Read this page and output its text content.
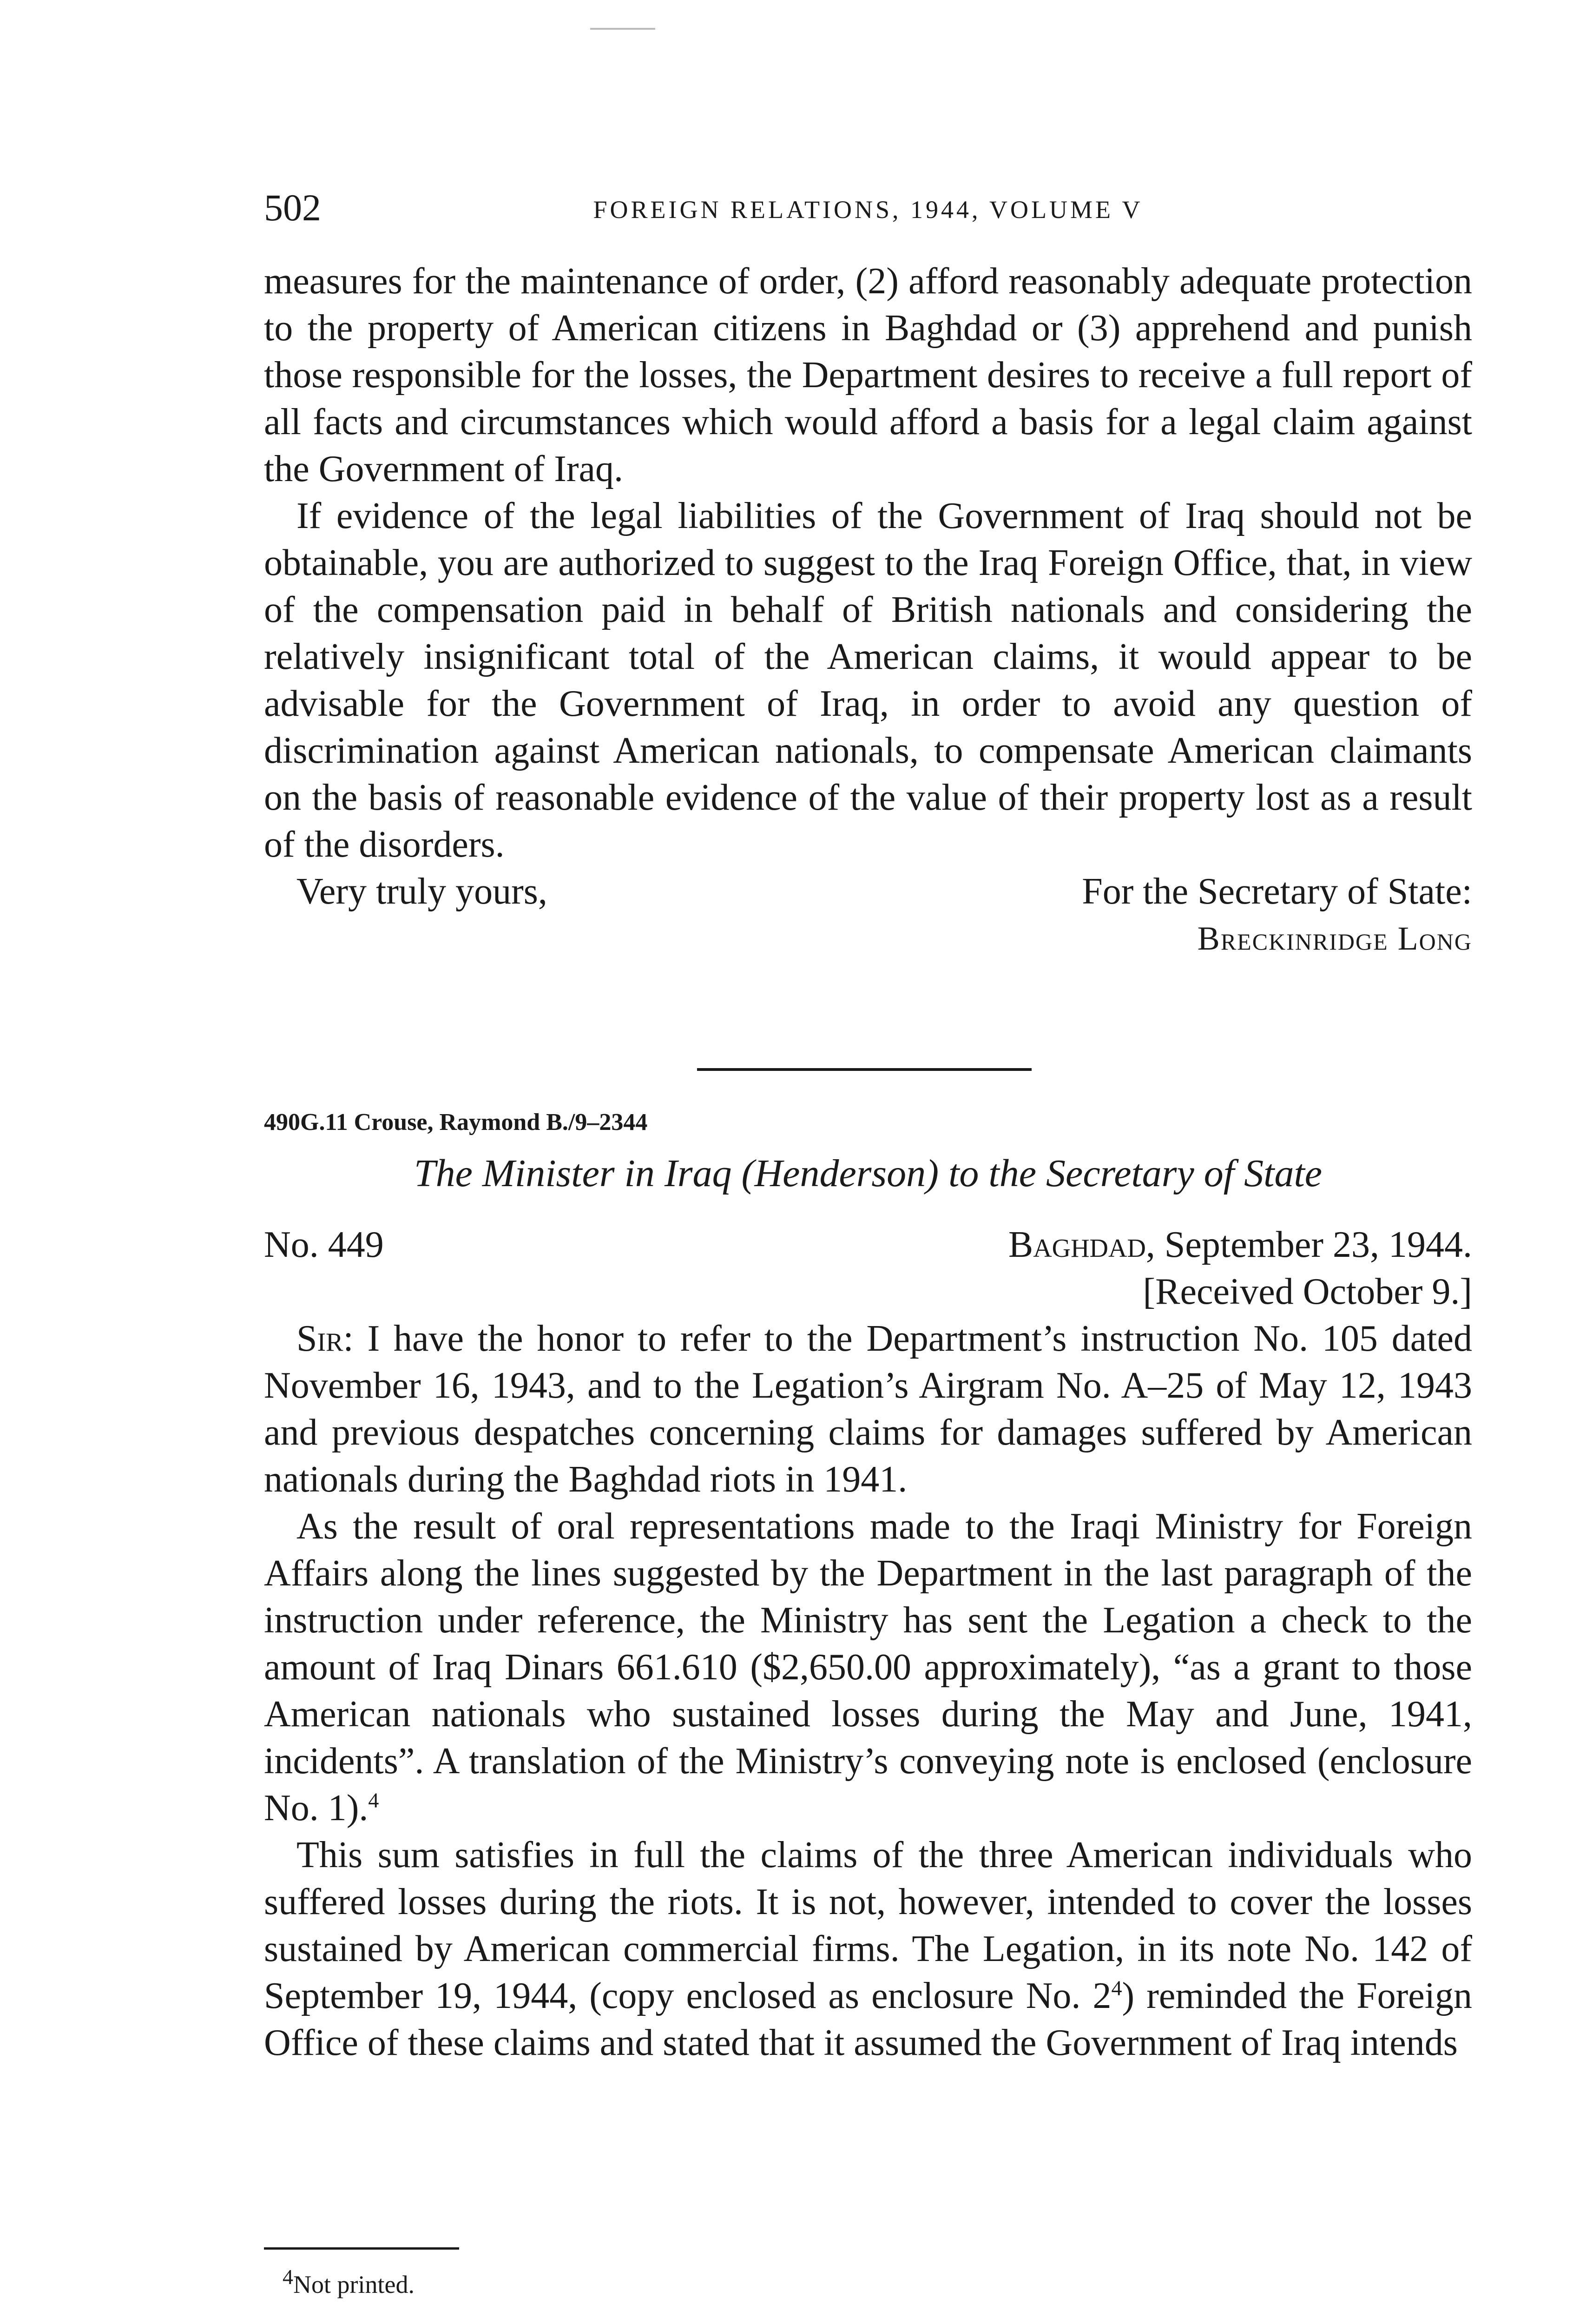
502	FOREIGN RELATIONS, 1944, VOLUME V

measures for the maintenance of order, (2) afford reasonably adequate protection to the property of American citizens in Baghdad or (3) apprehend and punish those responsible for the losses, the Department desires to receive a full report of all facts and circumstances which would afford a basis for a legal claim against the Government of Iraq.

If evidence of the legal liabilities of the Government of Iraq should not be obtainable, you are authorized to suggest to the Iraq Foreign Office, that, in view of the compensation paid in behalf of British nationals and considering the relatively insignificant total of the American claims, it would appear to be advisable for the Government of Iraq, in order to avoid any question of discrimination against American nationals, to compensate American claimants on the basis of reasonable evidence of the value of their property lost as a result of the disorders.

Very truly yours,	For the Secretary of State:
Breckinridge Long
490G.11 Crouse, Raymond B./9–2344
The Minister in Iraq (Henderson) to the Secretary of State
No. 449	Baghdad, September 23, 1944.
[Received October 9.]

Sir: I have the honor to refer to the Department’s instruction No. 105 dated November 16, 1943, and to the Legation’s Airgram No. A–25 of May 12, 1943 and previous despatches concerning claims for damages suffered by American nationals during the Baghdad riots in 1941.

As the result of oral representations made to the Iraqi Ministry for Foreign Affairs along the lines suggested by the Department in the last paragraph of the instruction under reference, the Ministry has sent the Legation a check to the amount of Iraq Dinars 661.610 ($2,650.00 approximately), “as a grant to those American nationals who sustained losses during the May and June, 1941, incidents”. A translation of the Ministry’s conveying note is enclosed (enclosure No. 1).$^4$

This sum satisfies in full the claims of the three American individuals who suffered losses during the riots. It is not, however, intended to cover the losses sustained by American commercial firms. The Legation, in its note No. 142 of September 19, 1944, (copy enclosed as enclosure No. $2^4$) reminded the Foreign Office of these claims and stated that it assumed the Government of Iraq intends

$^4$Not printed.
